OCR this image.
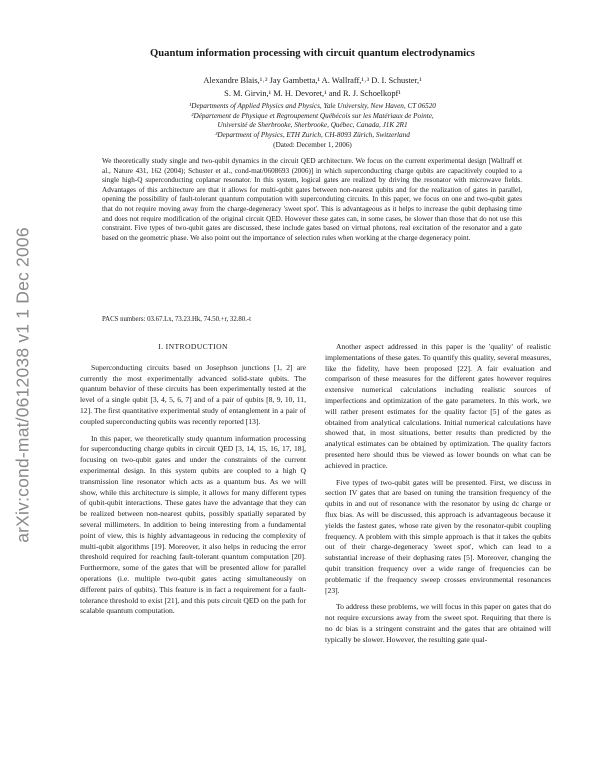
arXiv:cond-mat/0612038 v1 1 Dec 2006
Quantum information processing with circuit quantum electrodynamics
Alexandre Blais,¹˒² Jay Gambetta,¹ A. Wallraff,¹˒³ D. I. Schuster,¹
S. M. Girvin,¹ M. H. Devoret,¹ and R. J. Schoelkopf¹
¹Departments of Applied Physics and Physics, Yale University, New Haven, CT 06520
²Département de Physique et Regroupement Québécois sur les Matériaux de Pointe,
Université de Sherbrooke, Sherbrooke, Québec, Canada, J1K 2R1
³Department of Physics, ETH Zurich, CH-8093 Zürich, Switzerland
(Dated: December 1, 2006)
We theoretically study single and two-qubit dynamics in the circuit QED architecture. We focus on the current experimental design [Wallraff et al., Nature 431, 162 (2004); Schuster et al., cond-mat/0608693 (2006)] in which superconducting charge qubits are capacitively coupled to a single high-Q superconducting coplanar resonator. In this system, logical gates are realized by driving the resonator with microwave fields. Advantages of this architecture are that it allows for multi-qubit gates between non-nearest qubits and for the realization of gates in parallel, opening the possibility of fault-tolerant quantum computation with superconduting circuits. In this paper, we focus on one and two-qubit gates that do not require moving away from the charge-degeneracy 'sweet spot'. This is advantageous as it helps to increase the qubit dephasing time and does not require modification of the original circuit QED. However these gates can, in some cases, be slower than those that do not use this constraint. Five types of two-qubit gates are discussed, these include gates based on virtual photons, real excitation of the resonator and a gate based on the geometric phase. We also point out the importance of selection rules when working at the charge degeneracy point.
PACS numbers: 03.67.Lx, 73.23.Hk, 74.50.+r, 32.80.-t
I. INTRODUCTION

Superconducting circuits based on Josephson junctions [1, 2] are currently the most experimentally advanced solid-state qubits. The quantum behavior of these circuits has been experimentally tested at the level of a single qubit [3, 4, 5, 6, 7] and of a pair of qubits [8, 9, 10, 11, 12]. The first quantitative experimental study of entanglement in a pair of coupled superconducting qubits was recently reported [13].

In this paper, we theoretically study quantum information processing for superconducting charge qubits in circuit QED [3, 14, 15, 16, 17, 18], focusing on two-qubit gates and under the constraints of the current experimental design. In this system qubits are coupled to a high Q transmission line resonator which acts as a quantum bus. As we will show, while this architecture is simple, it allows for many different types of qubit-qubit interactions. These gates have the advantage that they can be realized between non-nearest qubits, possibly spatially separated by several millimeters. In addition to being interesting from a fundamental point of view, this is highly advantageous in reducing the complexity of multi-qubit algorithms [19]. Moreover, it also helps in reducing the error threshold required for reaching fault-tolerant quantum computation [20]. Furthermore, some of the gates that will be presented allow for parallel operations (i.e. multiple two-qubit gates acting simultaneously on different pairs of qubits). This feature is in fact a requirement for a fault-tolerance threshold to exist [21], and this puts circuit QED on the path for scalable quantum computation.

Another aspect addressed in this paper is the 'quality' of realistic implementations of these gates. To quantify this quality, several measures, like the fidelity, have been proposed [22]. A fair evaluation and comparison of these measures for the different gates however requires extensive numerical calculations including realistic sources of imperfections and optimization of the gate parameters. In this work, we will rather present estimates for the quality factor [5] of the gates as obtained from analytical calculations. Initial numerical calculations have showed that, in most situations, better results than predicted by the analytical estimates can be obtained by optimization. The quality factors presented here should thus be viewed as lower bounds on what can be achieved in practice.

Five types of two-qubit gates will be presented. First, we discuss in section IV gates that are based on tuning the transition frequency of the qubits in and out of resonance with the resonator by using dc charge or flux bias. As will be discussed, this approach is advantageous because it yields the fastest gates, whose rate given by the resonator-qubit coupling frequency. A problem with this simple approach is that it takes the qubits out of their charge-degeneracy 'sweet spot', which can lead to a substantial increase of their dephasing rates [5]. Moreover, changing the qubit transition frequency over a wide range of frequencies can be problematic if the frequency sweep crosses environmental resonances [23].

To address these problems, we will focus in this paper on gates that do not require excursions away from the sweet spot. Requiring that there is no dc bias is a stringent constraint and the gates that are obtained will typically be slower. However, the resulting gate qual-
